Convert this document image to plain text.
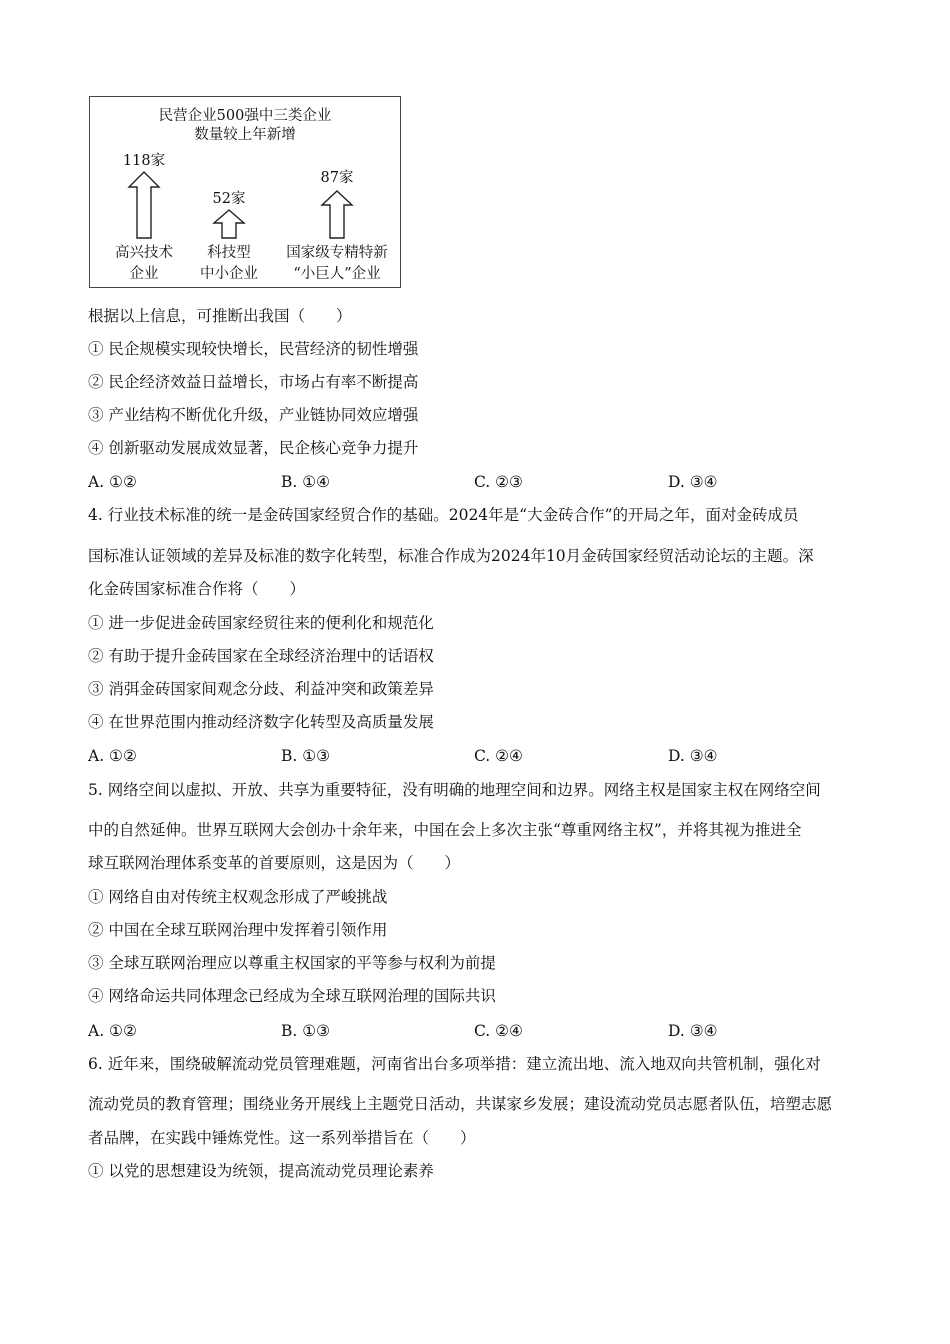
民营企业500强中三类企业
数量较上年新增
118家
高兴技术
企业
52家
科技型
中小企业
87家
国家级专精特新
“小巨人”企业
根据以上信息，可推断出我国（　　）
① 民企规模实现较快增长，民营经济的韧性增强
② 民企经济效益日益增长，市场占有率不断提高
③ 产业结构不断优化升级，产业链协同效应增强
④ 创新驱动发展成效显著，民企核心竞争力提升
A. ①②	B. ①④	C. ②③	D. ③④
4. 行业技术标准的统一是金砖国家经贸合作的基础。2024年是“大金砖合作”的开局之年，面对金砖成员
国标准认证领域的差异及标准的数字化转型，标准合作成为2024年10月金砖国家经贸活动论坛的主题。深
化金砖国家标准合作将（　　）
① 进一步促进金砖国家经贸往来的便利化和规范化
② 有助于提升金砖国家在全球经济治理中的话语权
③ 消弭金砖国家间观念分歧、利益冲突和政策差异
④ 在世界范围内推动经济数字化转型及高质量发展
A. ①②	B. ①③	C. ②④	D. ③④
5. 网络空间以虚拟、开放、共享为重要特征，没有明确的地理空间和边界。网络主权是国家主权在网络空间
中的自然延伸。世界互联网大会创办十余年来，中国在会上多次主张“尊重网络主权”，并将其视为推进全
球互联网治理体系变革的首要原则，这是因为（　　）
① 网络自由对传统主权观念形成了严峻挑战
② 中国在全球互联网治理中发挥着引领作用
③ 全球互联网治理应以尊重主权国家的平等参与权利为前提
④ 网络命运共同体理念已经成为全球互联网治理的国际共识
A. ①②	B. ①③	C. ②④	D. ③④
6. 近年来，围绕破解流动党员管理难题，河南省出台多项举措：建立流出地、流入地双向共管机制，强化对
流动党员的教育管理；围绕业务开展线上主题党日活动，共谋家乡发展；建设流动党员志愿者队伍，培塑志愿
者品牌，在实践中锤炼党性。这一系列举措旨在（　　）
① 以党的思想建设为统领，提高流动党员理论素养
